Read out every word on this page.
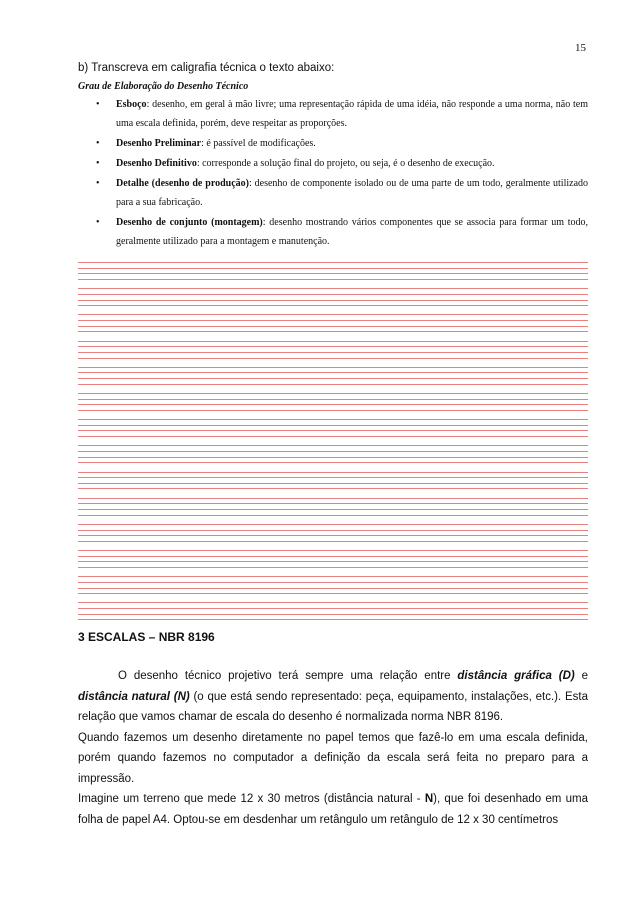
15
b) Transcreva em caligrafia técnica o texto abaixo:
Grau de Elaboração do Desenho Técnico
• Esboço: desenho, em geral à mão livre; uma representação rápida de uma idéia, não responde a uma norma, não tem uma escala definida, porém, deve respeitar as proporções.
• Desenho Preliminar: é passível de modificações.
• Desenho Definitivo: corresponde a solução final do projeto, ou seja, é o desenho de execução.
• Detalhe (desenho de produção): desenho de componente isolado ou de uma parte de um todo, geralmente utilizado para a sua fabricação.
• Desenho de conjunto (montagem): desenho mostrando vários componentes que se associa para formar um todo, geralmente utilizado para a montagem e manutenção.
3 ESCALAS – NBR 8196

O desenho técnico projetivo terá sempre uma relação entre distância gráfica (D) e distância natural (N) (o que está sendo representado: peça, equipamento, instalações, etc.). Esta relação que vamos chamar de escala do desenho é normalizada norma NBR 8196.

Quando fazemos um desenho diretamente no papel temos que fazê-lo em uma escala definida, porém quando fazemos no computador a definição da escala será feita no preparo para a impressão.

Imagine um terreno que mede 12 x 30 metros (distância natural - N), que foi desenhado em uma folha de papel A4. Optou-se em desdenhar um retângulo um retângulo de 12 x 30 centímetros
